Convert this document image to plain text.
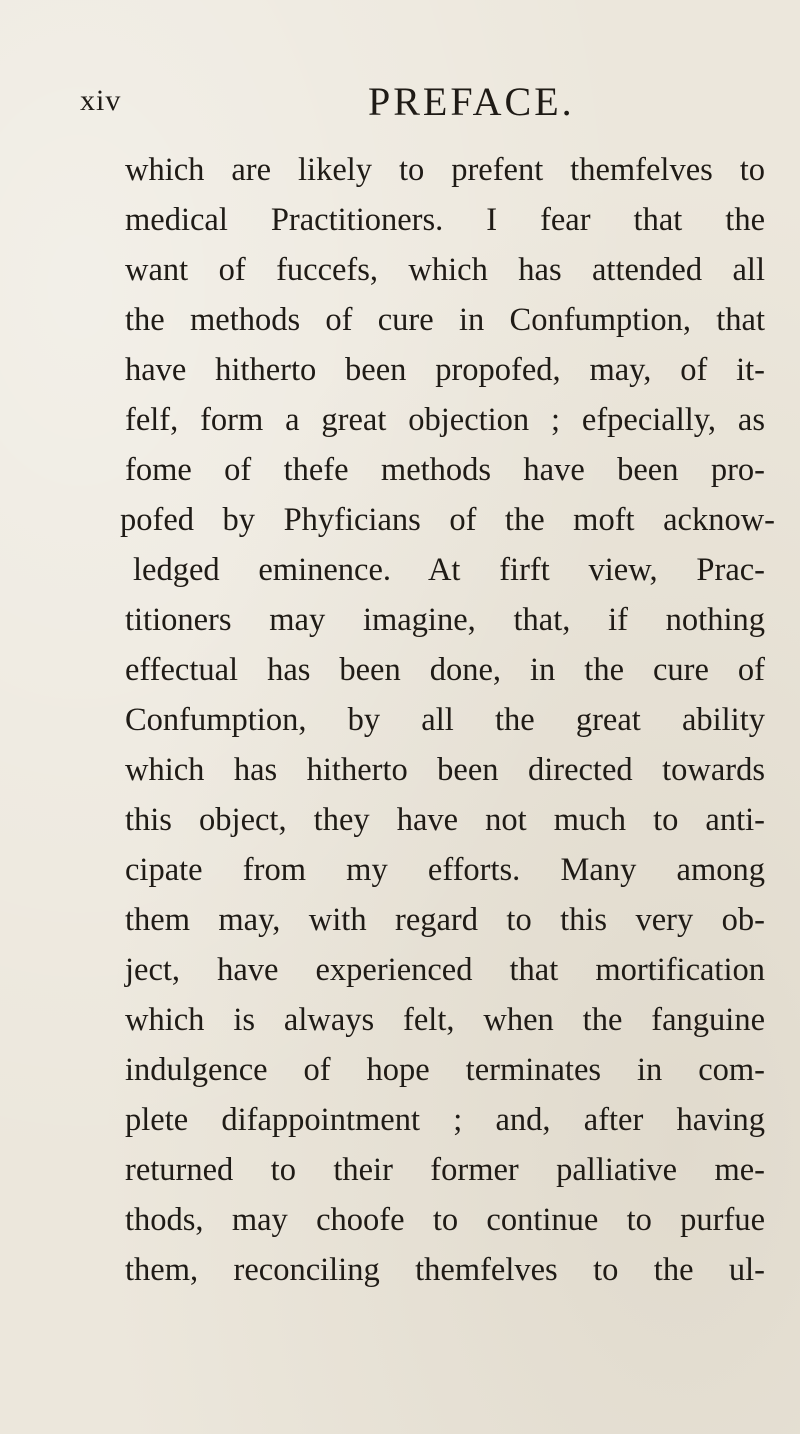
xiv	PREFACE.
which are likely to prefent themfelves to
medical Practitioners. I fear that the
want of fuccefs, which has attended all
the methods of cure in Confumption, that
have hitherto been propofed, may, of it-
felf, form a great objection ; efpecially, as
fome of thefe methods have been pro-
pofed by Phyficians of the moft acknow-
ledged eminence. At firft view, Prac-
titioners may imagine, that, if nothing
effectual has been done, in the cure of
Confumption, by all the great ability
which has hitherto been directed towards
this object, they have not much to anti-
cipate from my efforts. Many among
them may, with regard to this very ob-
ject, have experienced that mortification
which is always felt, when the fanguine
indulgence of hope terminates in com-
plete difappointment ; and, after having
returned to their former palliative me-
thods, may choofe to continue to purfue
them, reconciling themfelves to the ul-
